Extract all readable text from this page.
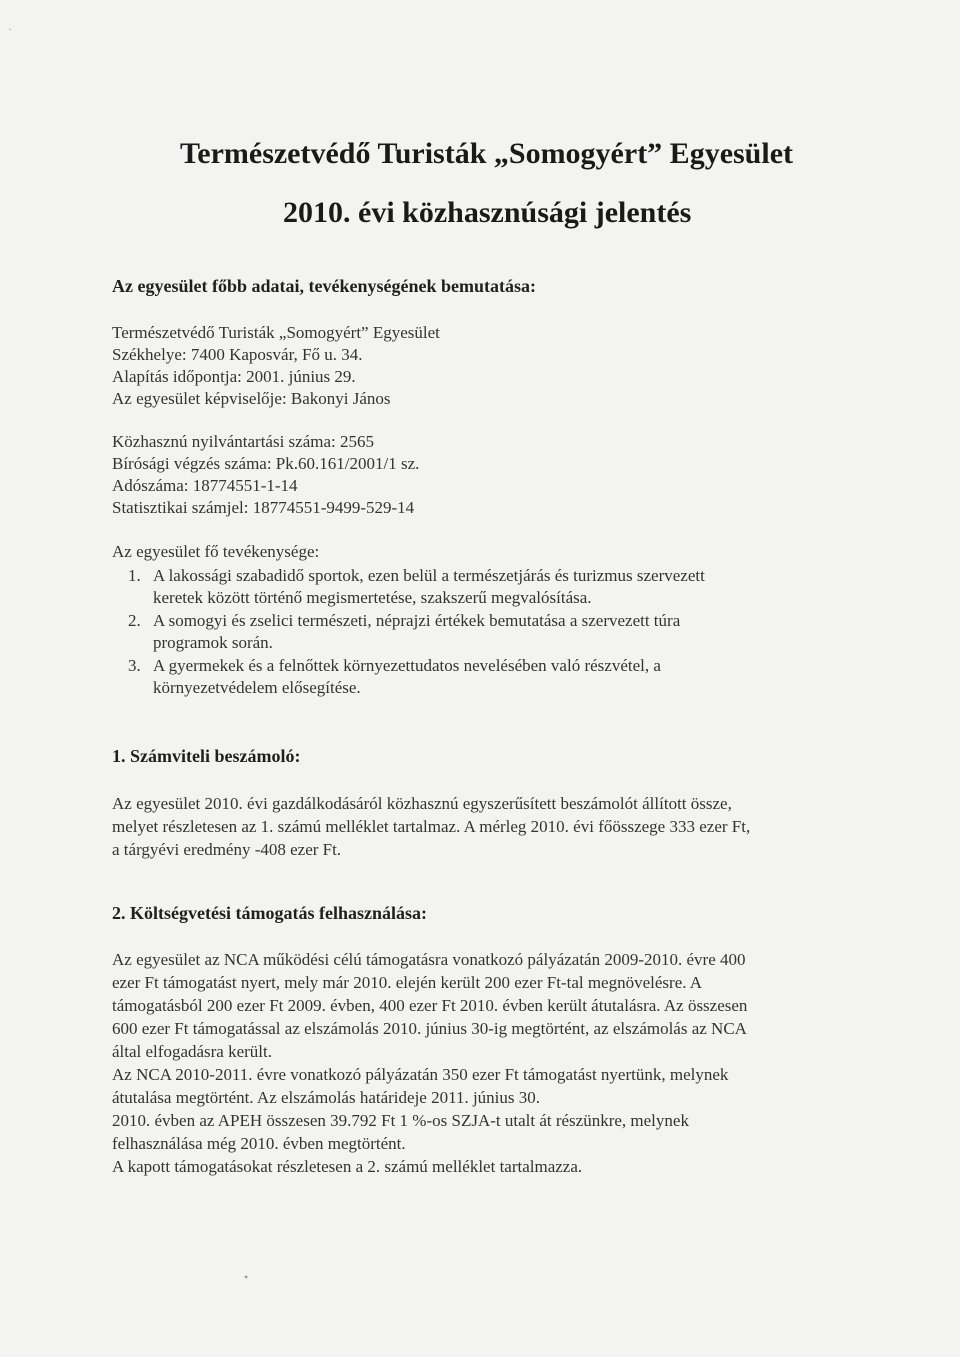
·
Természetvédő Turisták „Somogyért” Egyesület
2010. évi közhasznúsági jelentés
Az egyesület főbb adatai, tevékenységének bemutatása:
Természetvédő Turisták „Somogyért” Egyesület
Székhelye: 7400 Kaposvár, Fő u. 34.
Alapítás időpontja: 2001. június 29.
Az egyesület képviselője: Bakonyi János
Közhasznú nyilvántartási száma: 2565
Bírósági végzés száma: Pk.60.161/2001/1 sz.
Adószáma: 18774551-1-14
Statisztikai számjel: 18774551-9499-529-14
Az egyesület fő tevékenysége:
1. A lakossági szabadidő sportok, ezen belül a természetjárás és turizmus szervezett
keretek között történő megismertetése, szakszerű megvalósítása.
2. A somogyi és zselici természeti, néprajzi értékek bemutatása a szervezett túra
programok során.
3. A gyermekek és a felnőttek környezettudatos nevelésében való részvétel, a
környezetvédelem elősegítése.
1. Számviteli beszámoló:
Az egyesület 2010. évi gazdálkodásáról közhasznú egyszerűsített beszámolót állított össze,
melyet részletesen az 1. számú melléklet tartalmaz. A mérleg 2010. évi főösszege 333 ezer Ft,
a tárgyévi eredmény -408 ezer Ft.
2. Költségvetési támogatás felhasználása:
Az egyesület az NCA működési célú támogatásra vonatkozó pályázatán 2009-2010. évre 400
ezer Ft támogatást nyert, mely már 2010. elején került 200 ezer Ft-tal megnövelésre. A
támogatásból 200 ezer Ft 2009. évben, 400 ezer Ft 2010. évben került átutalásra. Az összesen
600 ezer Ft támogatással az elszámolás 2010. június 30-ig megtörtént, az elszámolás az NCA
által elfogadásra került.
Az NCA 2010-2011. évre vonatkozó pályázatán 350 ezer Ft támogatást nyertünk, melynek
átutalása megtörtént. Az elszámolás határideje 2011. június 30.
2010. évben az APEH összesen 39.792 Ft 1 %-os SZJA-t utalt át részünkre, melynek
felhasználása még 2010. évben megtörtént.
A kapott támogatásokat részletesen a 2. számú melléklet tartalmazza.
•
